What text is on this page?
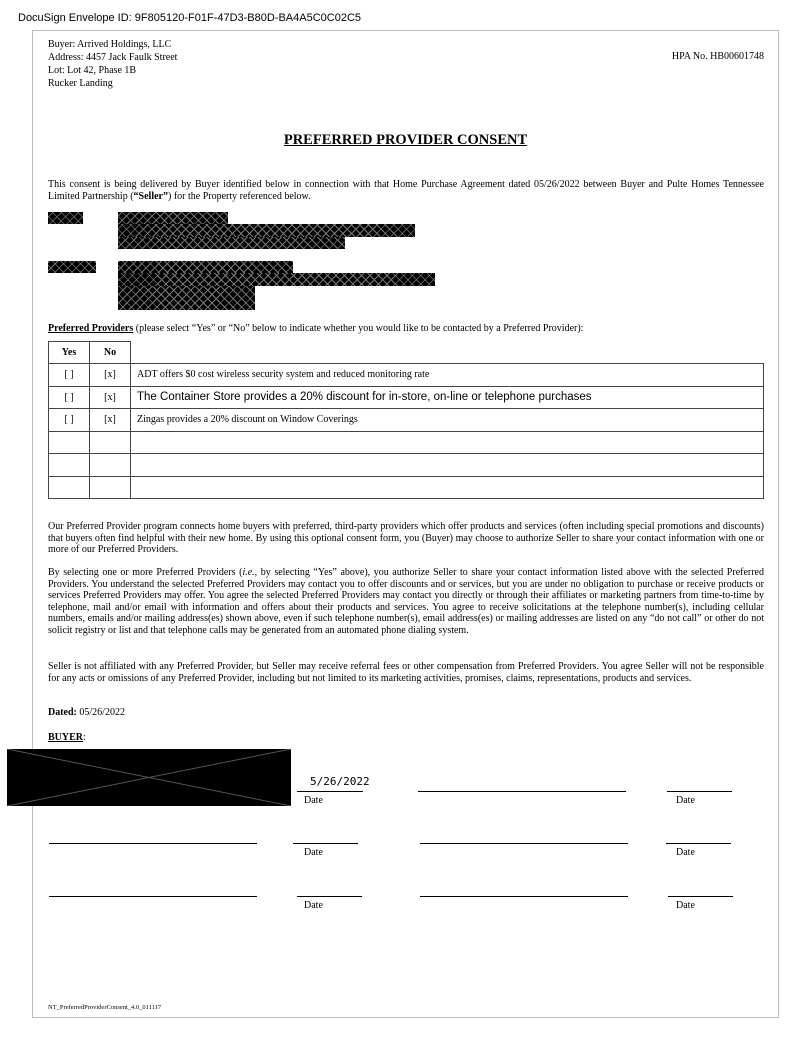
DocuSign Envelope ID: 9F805120-F01F-47D3-B80D-BA4A5C0C02C5
Buyer: Arrived Holdings, LLC
Address: 4457 Jack Faulk Street
Lot: Lot 42, Phase 1B
Rucker Landing
HPA No. HB00601748
PREFERRED PROVIDER CONSENT
This consent is being delivered by Buyer identified below in connection with that Home Purchase Agreement dated 05/26/2022 between Buyer and Pulte Homes Tennessee Limited Partnership (“Seller”) for the Property referenced below.
Preferred Providers (please select “Yes” or “No” below to indicate whether you would like to be contacted by a Preferred Provider):
Yes	No	
[ ]	[x]	ADT offers $0 cost wireless security system and reduced monitoring rate
[ ]	[x]	The Container Store provides a 20% discount for in-store, on-line or telephone purchases
[ ]	[x]	Zingas provides a 20% discount on Window Coverings

Our Preferred Provider program connects home buyers with preferred, third-party providers which offer products and services (often including special promotions and discounts) that buyers often find helpful with their new home. By using this optional consent form, you (Buyer) may choose to authorize Seller to share your contact information with one or more of our Preferred Providers.
By selecting one or more Preferred Providers (i.e., by selecting “Yes” above), you authorize Seller to share your contact information listed above with the selected Preferred Providers. You understand the selected Preferred Providers may contact you to offer discounts and or services, but you are under no obligation to purchase or receive products or services Preferred Providers may offer. You agree the selected Preferred Providers may contact you directly or through their affiliates or marketing partners from time-to-time by telephone, mail and/or email with information and offers about their products and services. You agree to receive solicitations at the telephone number(s), including cellular numbers, emails and/or mailing address(es) shown above, even if such telephone number(s), email address(es) or mailing addresses are listed on any “do not call” or other do not solicit registry or list and that telephone calls may be generated from an automated phone dialing system.
Seller is not affiliated with any Preferred Provider, but Seller may receive referral fees or other compensation from Preferred Providers. You agree Seller will not be responsible for any acts or omissions of any Preferred Provider, including but not limited to its marketing activities, promises, claims, representations, products and services.
Dated: 05/26/2022
BUYER:
5/26/2022
Date	Date
Date	Date
Date	Date
NT_PreferredProviderConsent_4.0_011117
